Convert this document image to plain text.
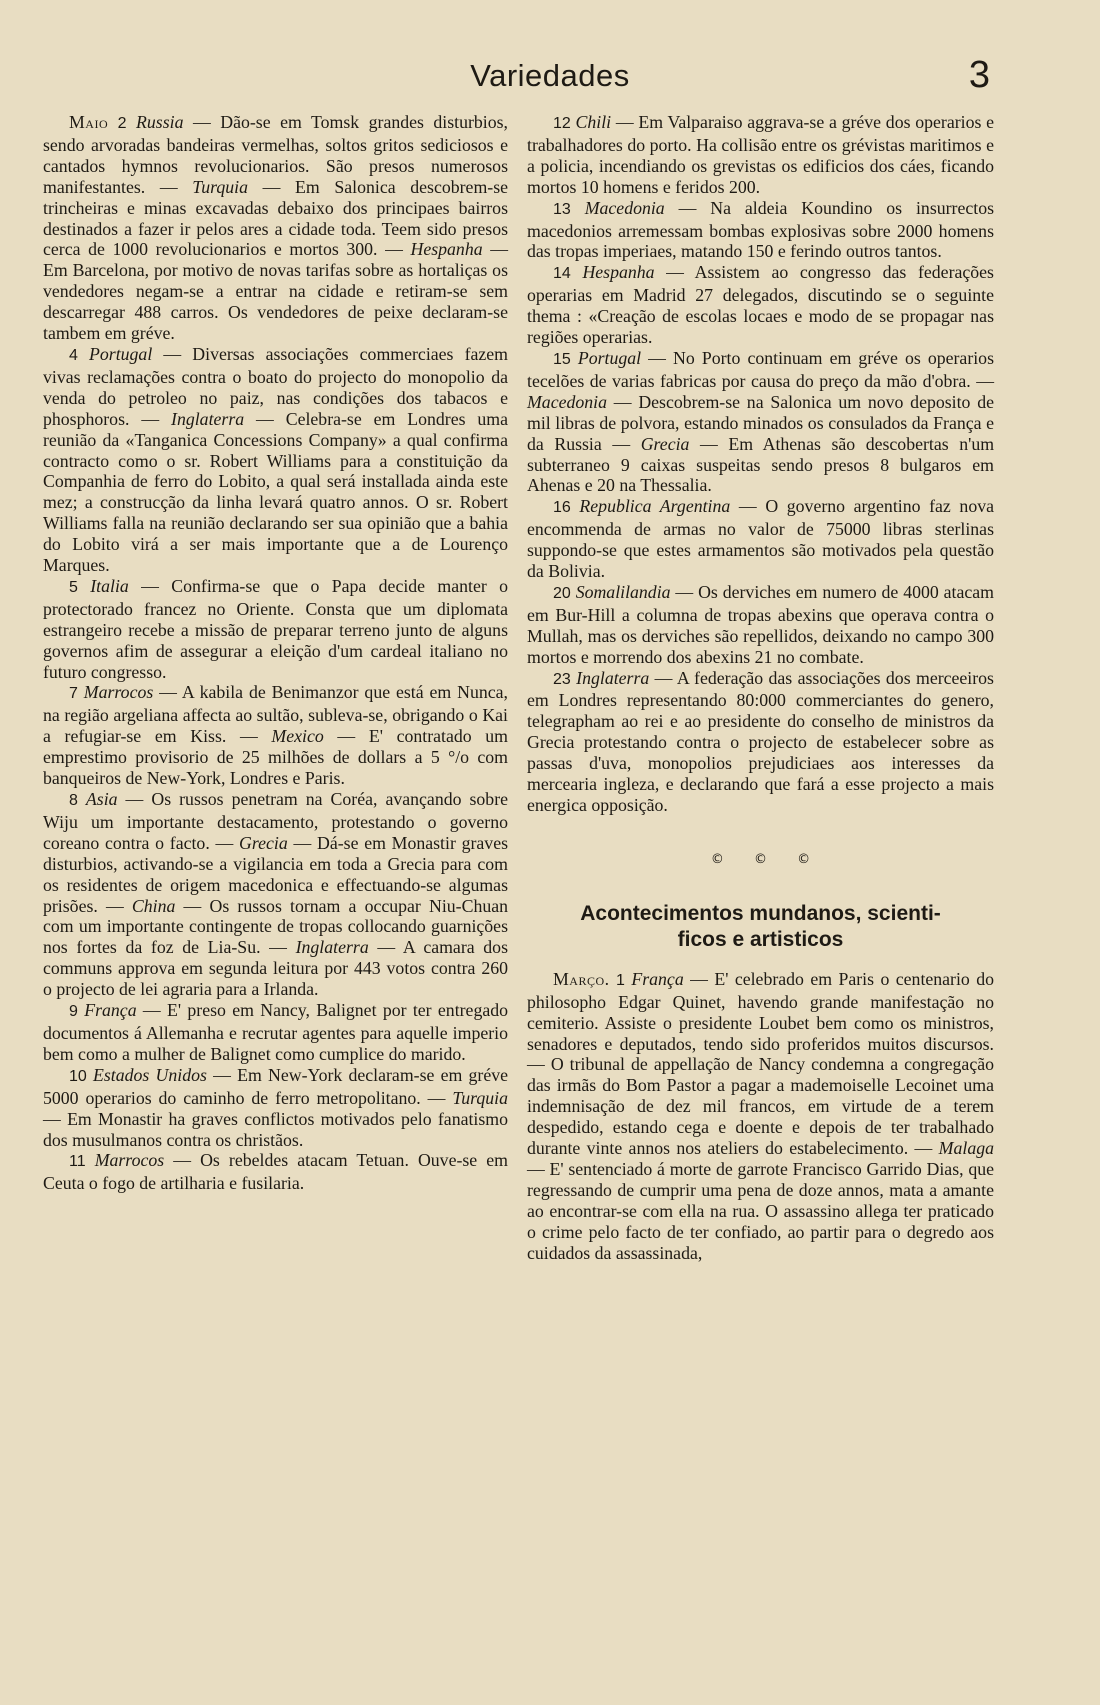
Variedades	3

Maio 2 Russia — Dão-se em Tomsk grandes disturbios, sendo arvoradas bandeiras vermelhas, soltos gritos sediciosos e cantados hymnos revolucionarios. São presos numerosos manifestantes. — Turquia — Em Salonica descobrem-se trincheiras e minas excavadas debaixo dos principaes bairros destinados a fazer ir pelos ares a cidade toda. Teem sido presos cerca de 1000 revolucionarios e mortos 300. — Hespanha — Em Barcelona, por motivo de novas tarifas sobre as hortaliças os vendedores negam-se a entrar na cidade e retiram-se sem descarregar 488 carros. Os vendedores de peixe declaram-se tambem em gréve.

4 Portugal — Diversas associações commerciaes fazem vivas reclamações contra o boato do projecto do monopolio da venda do petroleo no paiz, nas condições dos tabacos e phosphoros. — Inglaterra — Celebra-se em Londres uma reunião da «Tanganica Concessions Company» a qual confirma contracto como o sr. Robert Williams para a constituição da Companhia de ferro do Lobito, a qual será installada ainda este mez; a construcção da linha levará quatro annos. O sr. Robert Williams falla na reunião declarando ser sua opinião que a bahia do Lobito virá a ser mais importante que a de Lourenço Marques.

5 Italia — Confirma-se que o Papa decide manter o protectorado francez no Oriente. Consta que um diplomata estrangeiro recebe a missão de preparar terreno junto de alguns governos afim de assegurar a eleição d'um cardeal italiano no futuro congresso.

7 Marrocos — A kabila de Benimanzor que está em Nunca, na região argeliana affecta ao sultão, subleva-se, obrigando o Kai a refugiar-se em Kiss. — Mexico — E' contratado um emprestimo provisorio de 25 milhões de dollars a 5 °/o com banqueiros de New-York, Londres e Paris.

8 Asia — Os russos penetram na Coréa, avançando sobre Wiju um importante destacamento, protestando o governo coreano contra o facto. — Grecia — Dá-se em Monastir graves disturbios, activando-se a vigilancia em toda a Grecia para com os residentes de origem macedonica e effectuando-se algumas prisões. — China — Os russos tornam a occupar Niu-Chuan com um importante contingente de tropas collocando guarnições nos fortes da foz de Lia-Su. — Inglaterra — A camara dos communs approva em segunda leitura por 443 votos contra 260 o projecto de lei agraria para a Irlanda.

9 França — E' preso em Nancy, Balignet por ter entregado documentos á Allemanha e recrutar agentes para aquelle imperio bem como a mulher de Balignet como cumplice do marido.

10 Estados Unidos — Em New-York declaram-se em gréve 5000 operarios do caminho de ferro metropolitano. — Turquia — Em Monastir ha graves conflictos motivados pelo fanatismo dos musulmanos contra os christãos.

11 Marrocos — Os rebeldes atacam Tetuan. Ouve-se em Ceuta o fogo de artilharia e fusilaria.

12 Chili — Em Valparaiso aggrava-se a gréve dos operarios e trabalhadores do porto. Ha collisão entre os grévistas maritimos e a policia, incendiando os grevistas os edificios dos cáes, ficando mortos 10 homens e feridos 200.

13 Macedonia — Na aldeia Koundino os insurrectos macedonios arremessam bombas explosivas sobre 2000 homens das tropas imperiaes, matando 150 e ferindo outros tantos.

14 Hespanha — Assistem ao congresso das federações operarias em Madrid 27 delegados, discutindo se o seguinte thema : «Creação de escolas locaes e modo de se propagar nas regiões operarias.

15 Portugal — No Porto continuam em gréve os operarios tecelões de varias fabricas por causa do preço da mão d'obra. — Macedonia — Descobrem-se na Salonica um novo deposito de mil libras de polvora, estando minados os consulados da França e da Russia — Grecia — Em Athenas são descobertas n'um subterraneo 9 caixas suspeitas sendo presos 8 bulgaros em Ahenas e 20 na Thessalia.

16 Republica Argentina — O governo argentino faz nova encommenda de armas no valor de 75000 libras sterlinas suppondo-se que estes armamentos são motivados pela questão da Bolivia.

20 Somalilandia — Os derviches em numero de 4000 atacam em Bur-Hill a columna de tropas abexins que operava contra o Mullah, mas os derviches são repellidos, deixando no campo 300 mortos e morrendo dos abexins 21 no combate.

23 Inglaterra — A federação das associações dos merceeiros em Londres representando 80:000 commerciantes do genero, telegrapham ao rei e ao presidente do conselho de ministros da Grecia protestando contra o projecto de estabelecer sobre as passas d'uva, monopolios prejudiciaes aos interesses da mercearia ingleza, e declarando que fará a esse projecto a mais energica opposição.

© © ©
Acontecimentos mundanos, scienti-
ficos e artisticos

Março. 1 França — E' celebrado em Paris o centenario do philosopho Edgar Quinet, havendo grande manifestação no cemiterio. Assiste o presidente Loubet bem como os ministros, senadores e deputados, tendo sido proferidos muitos discursos. — O tribunal de appellação de Nancy condemna a congregação das irmãs do Bom Pastor a pagar a mademoiselle Lecoinet uma indemnisação de dez mil francos, em virtude de a terem despedido, estando cega e doente e depois de ter trabalhado durante vinte annos nos ateliers do estabelecimento. — Malaga — E' sentenciado á morte de garrote Francisco Garrido Dias, que regressando de cumprir uma pena de doze annos, mata a amante ao encontrar-se com ella na rua. O assassino allega ter praticado o crime pelo facto de ter confiado, ao partir para o degredo aos cuidados da assassinada,
